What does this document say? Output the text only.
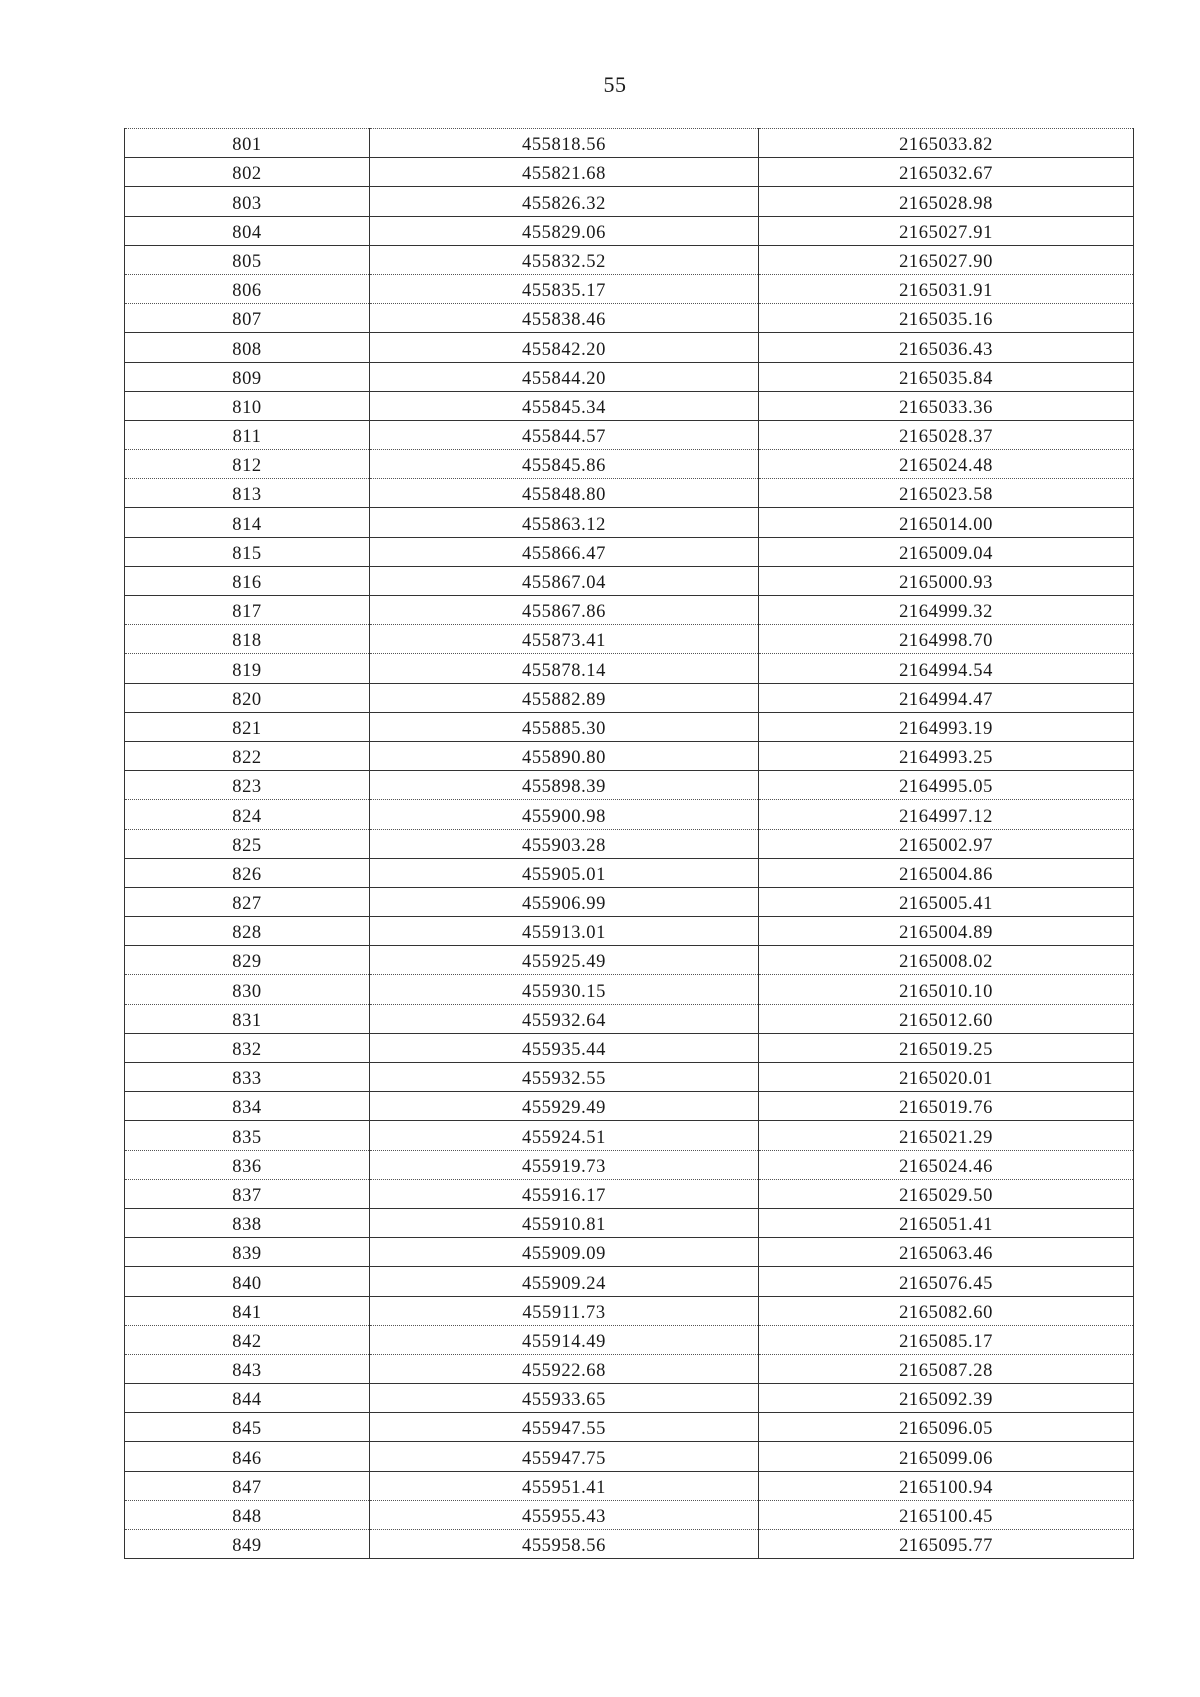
55
801	455818.56	2165033.82
802	455821.68	2165032.67
803	455826.32	2165028.98
804	455829.06	2165027.91
805	455832.52	2165027.90
806	455835.17	2165031.91
807	455838.46	2165035.16
808	455842.20	2165036.43
809	455844.20	2165035.84
810	455845.34	2165033.36
811	455844.57	2165028.37
812	455845.86	2165024.48
813	455848.80	2165023.58
814	455863.12	2165014.00
815	455866.47	2165009.04
816	455867.04	2165000.93
817	455867.86	2164999.32
818	455873.41	2164998.70
819	455878.14	2164994.54
820	455882.89	2164994.47
821	455885.30	2164993.19
822	455890.80	2164993.25
823	455898.39	2164995.05
824	455900.98	2164997.12
825	455903.28	2165002.97
826	455905.01	2165004.86
827	455906.99	2165005.41
828	455913.01	2165004.89
829	455925.49	2165008.02
830	455930.15	2165010.10
831	455932.64	2165012.60
832	455935.44	2165019.25
833	455932.55	2165020.01
834	455929.49	2165019.76
835	455924.51	2165021.29
836	455919.73	2165024.46
837	455916.17	2165029.50
838	455910.81	2165051.41
839	455909.09	2165063.46
840	455909.24	2165076.45
841	455911.73	2165082.60
842	455914.49	2165085.17
843	455922.68	2165087.28
844	455933.65	2165092.39
845	455947.55	2165096.05
846	455947.75	2165099.06
847	455951.41	2165100.94
848	455955.43	2165100.45
849	455958.56	2165095.77
